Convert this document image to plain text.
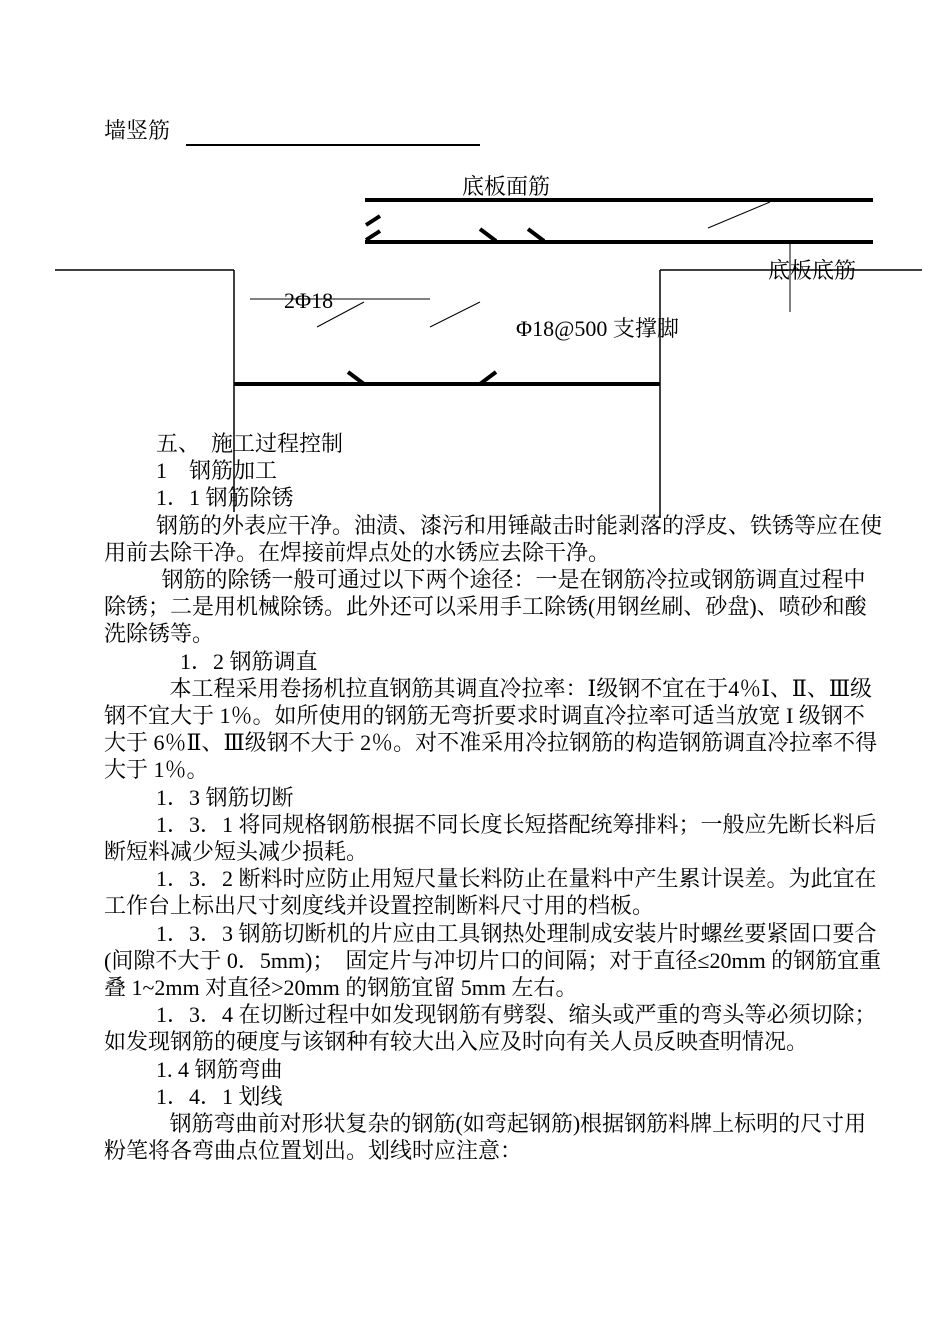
墙竖筋
底板面筋
底板底筋
2Φ18
Φ18@500 支撑脚

五、  施工过程控制

1    钢筋加工

1．1 钢筋除锈

钢筋的外表应干净。油渍、漆污和用锤敲击时能剥落的浮皮、铁锈等应在使用前去除干净。在焊接前焊点处的水锈应去除干净。

钢筋的除锈一般可通过以下两个途径：一是在钢筋冷拉或钢筋调直过程中除锈；二是用机械除锈。此外还可以采用手工除锈(用钢丝刷、砂盘)、喷砂和酸洗除锈等。

1．2 钢筋调直

本工程采用卷扬机拉直钢筋其调直冷拉率：Ⅰ级钢不宜在于4％Ⅰ、Ⅱ、Ⅲ级钢不宜大于 1％。如所使用的钢筋无弯折要求时调直冷拉率可适当放宽 I 级钢不大于 6％Ⅱ、Ⅲ级钢不大于 2％。对不准采用冷拉钢筋的构造钢筋调直冷拉率不得大于 1％。

1．3 钢筋切断

1．3．1 将同规格钢筋根据不同长度长短搭配统筹排料；一般应先断长料后断短料减少短头减少损耗。

1．3．2 断料时应防止用短尺量长料防止在量料中产生累计误差。为此宜在工作台上标出尺寸刻度线并设置控制断料尺寸用的档板。

1．3．3 钢筋切断机的片应由工具钢热处理制成安装片时螺丝要紧固口要合(间隙不大于 0．5mm)；  固定片与冲切片口的间隔；对于直径≤20mm 的钢筋宜重叠 1~2mm 对直径>20mm 的钢筋宜留 5mm 左右。

1．3．4 在切断过程中如发现钢筋有劈裂、缩头或严重的弯头等必须切除；如发现钢筋的硬度与该钢种有较大出入应及时向有关人员反映查明情况。

1. 4 钢筋弯曲

1．4．1 划线

钢筋弯曲前对形状复杂的钢筋(如弯起钢筋)根据钢筋料牌上标明的尺寸用粉笔将各弯曲点位置划出。划线时应注意：
